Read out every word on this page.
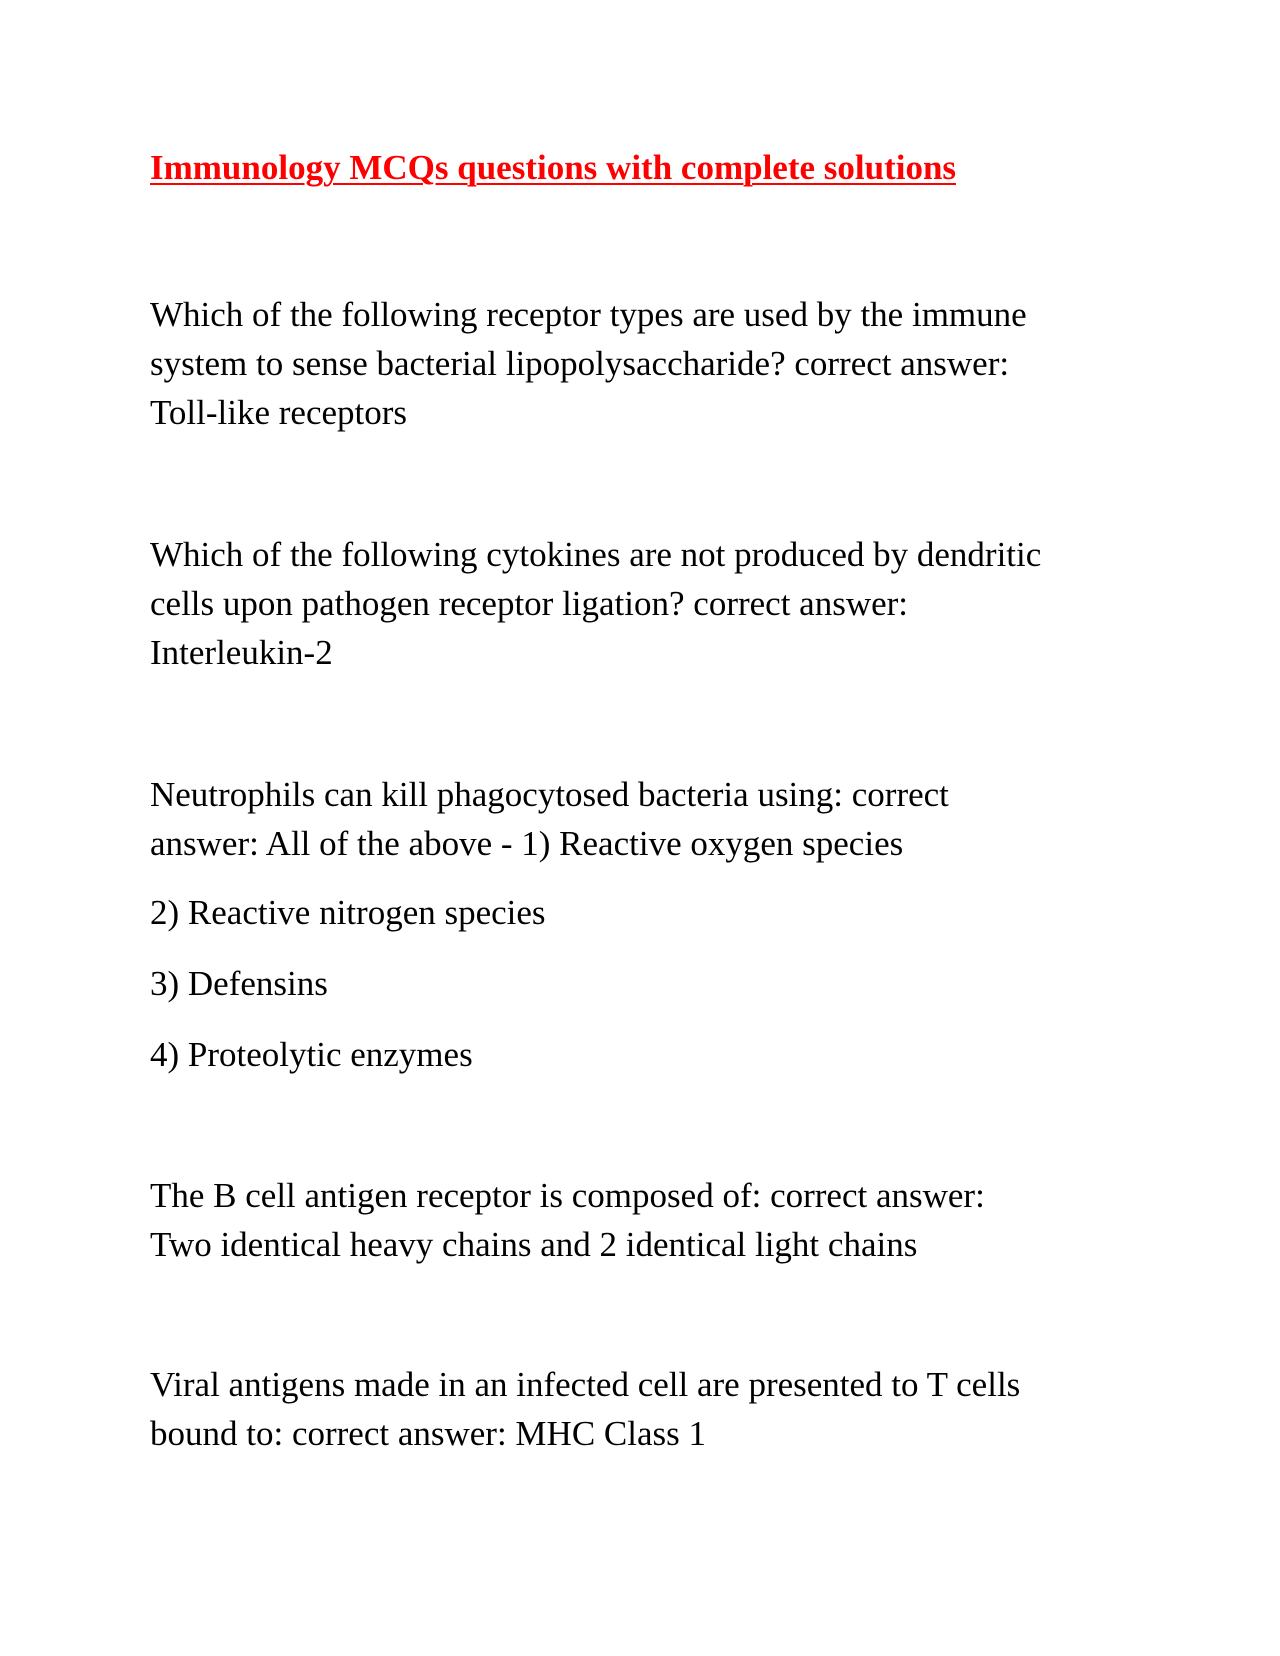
Immunology MCQs questions with complete solutions

Which of the following receptor types are used by the immune
system to sense bacterial lipopolysaccharide? correct answer:
Toll-like receptors

Which of the following cytokines are not produced by dendritic
cells upon pathogen receptor ligation? correct answer:
Interleukin-2

Neutrophils can kill phagocytosed bacteria using: correct
answer: All of the above - 1) Reactive oxygen species

2) Reactive nitrogen species

3) Defensins

4) Proteolytic enzymes

The B cell antigen receptor is composed of: correct answer:
Two identical heavy chains and 2 identical light chains

Viral antigens made in an infected cell are presented to T cells
bound to: correct answer: MHC Class 1
